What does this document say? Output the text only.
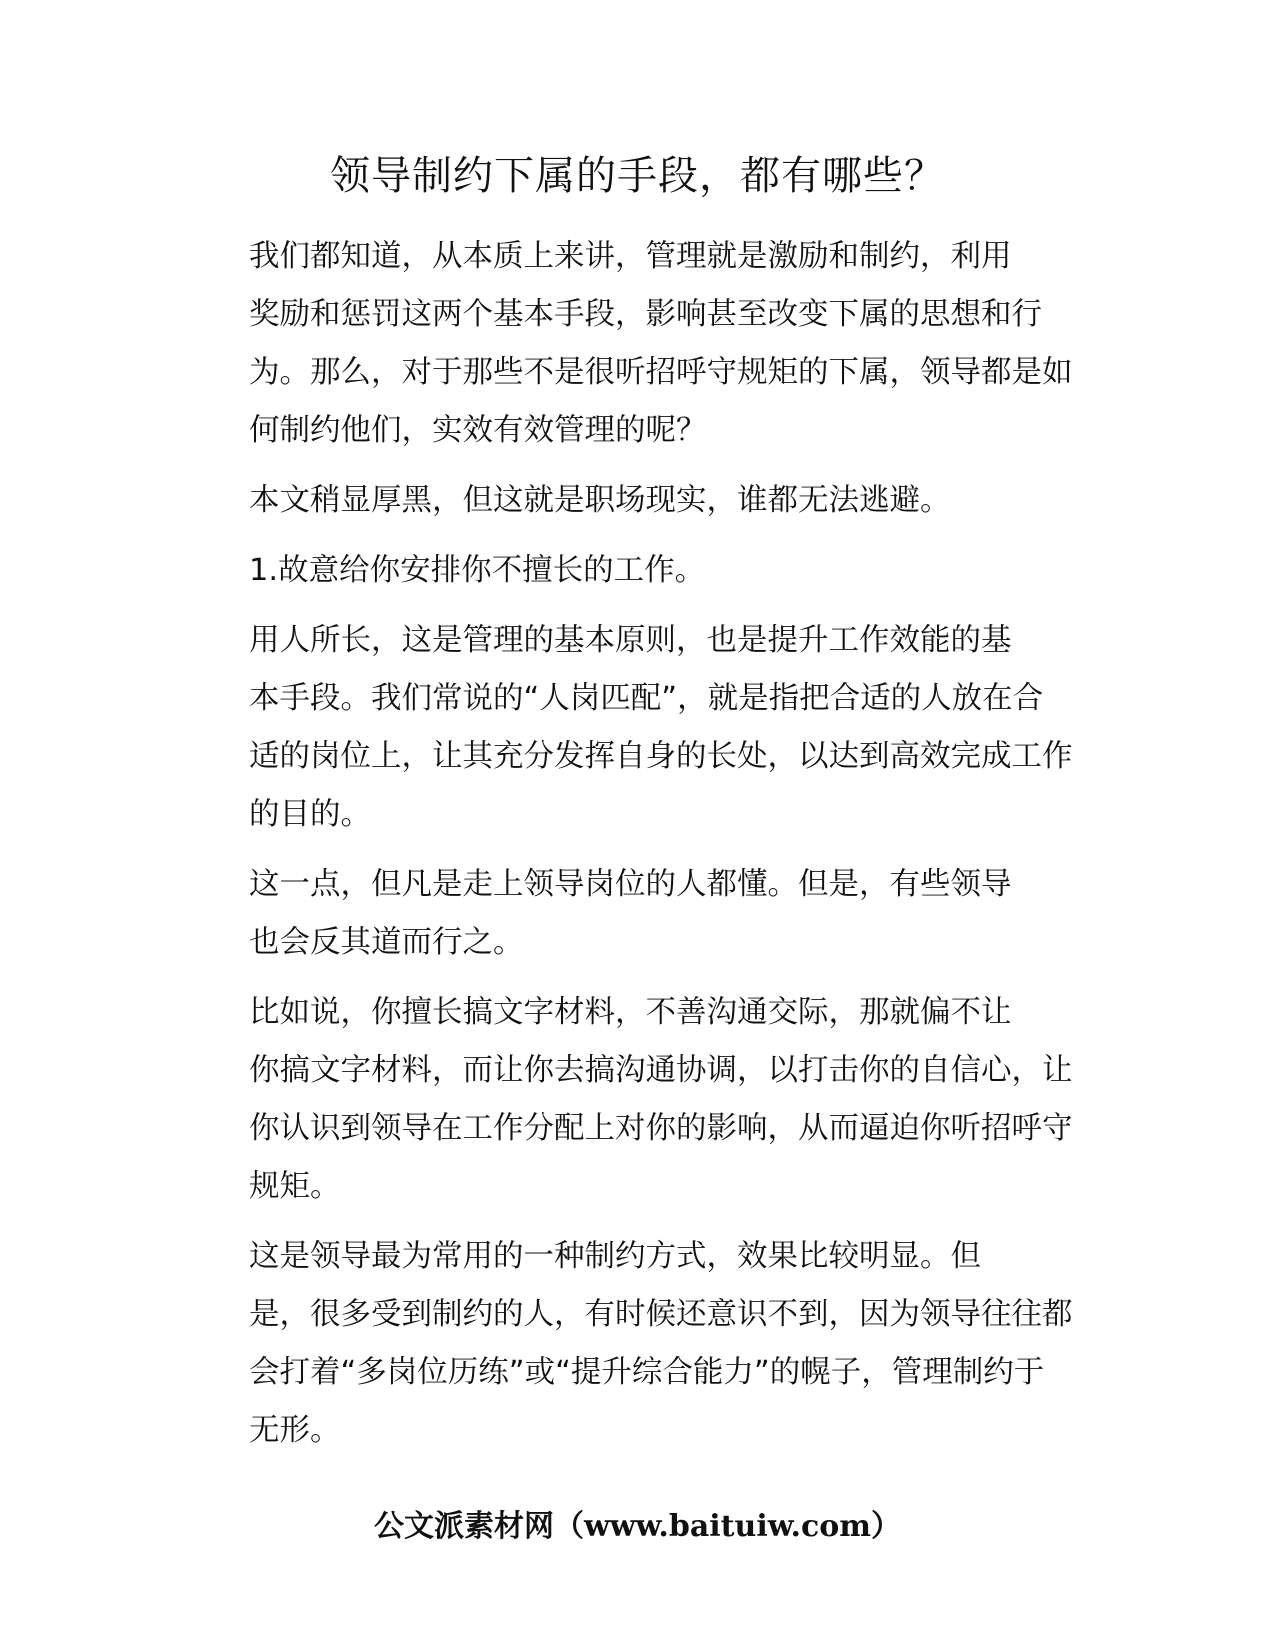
领导制约下属的手段，都有哪些？

我们都知道，从本质上来讲，管理就是激励和制约，利用
奖励和惩罚这两个基本手段，影响甚至改变下属的思想和行
为。那么，对于那些不是很听招呼守规矩的下属，领导都是如
何制约他们，实效有效管理的呢？

本文稍显厚黑，但这就是职场现实，谁都无法逃避。

1.故意给你安排你不擅长的工作。

用人所长，这是管理的基本原则，也是提升工作效能的基
本手段。我们常说的“人岗匹配”，就是指把合适的人放在合
适的岗位上，让其充分发挥自身的长处，以达到高效完成工作
的目的。

这一点，但凡是走上领导岗位的人都懂。但是，有些领导
也会反其道而行之。

比如说，你擅长搞文字材料，不善沟通交际，那就偏不让
你搞文字材料，而让你去搞沟通协调，以打击你的自信心，让
你认识到领导在工作分配上对你的影响，从而逼迫你听招呼守
规矩。

这是领导最为常用的一种制约方式，效果比较明显。但
是，很多受到制约的人，有时候还意识不到，因为领导往往都
会打着“多岗位历练”或“提升综合能力”的幌子，管理制约于
无形。

公文派素材网（www.baituiw.com）
